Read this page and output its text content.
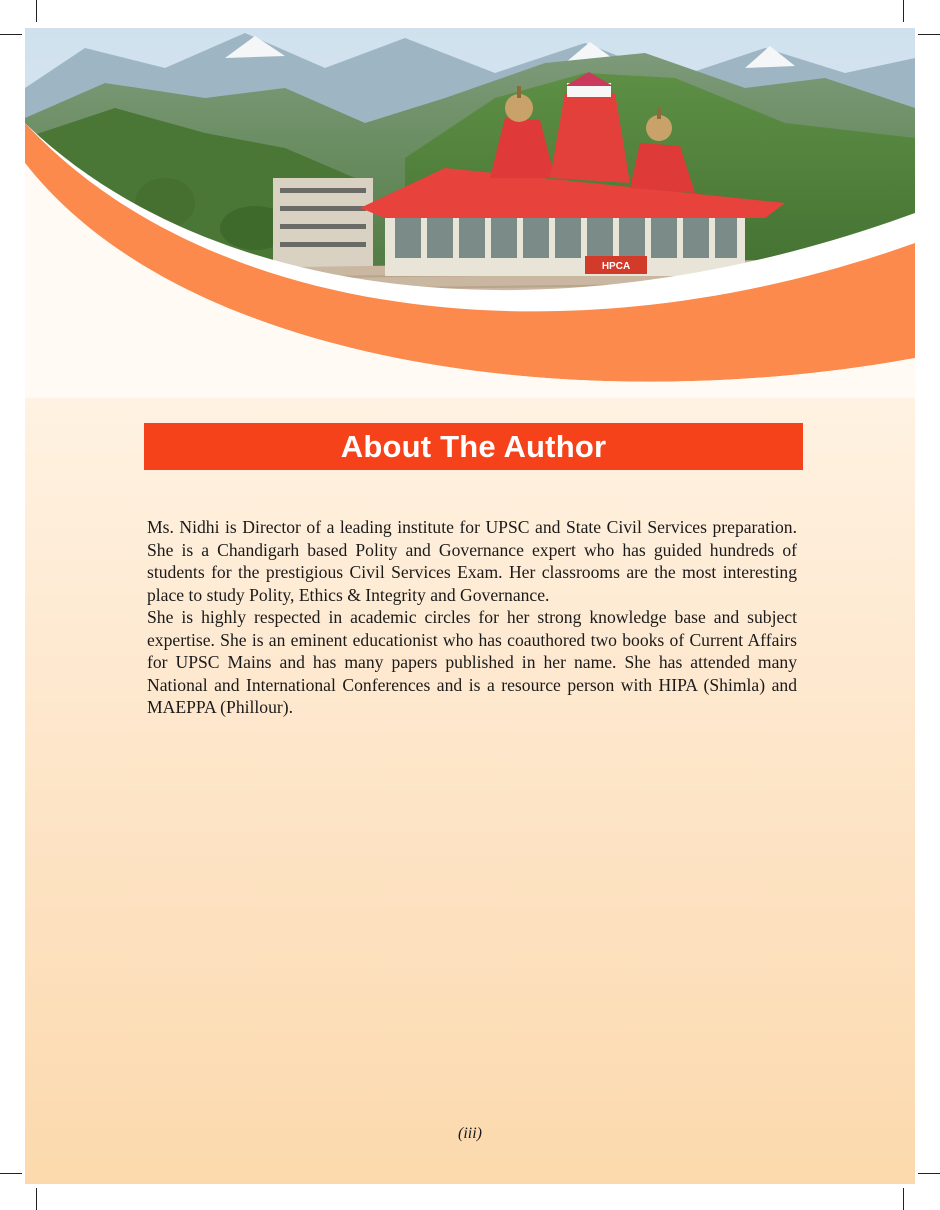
HPCA
About The Author

Ms. Nidhi is Director of a leading institute for UPSC and State Civil Services preparation. She is a Chandigarh based Polity and Governance expert who has guided hundreds of students for the prestigious Civil Services Exam. Her classrooms are the most interesting place to study Polity, Ethics & Integrity and Governance.

She is highly respected in academic circles for her strong knowledge base and subject expertise. She is an eminent educationist who has coauthored two books of Current Affairs for UPSC Mains and has many papers published in her name. She has attended many National and International Conferences and is a resource person with HIPA (Shimla) and MAEPPA (Phillour).

(iii)
